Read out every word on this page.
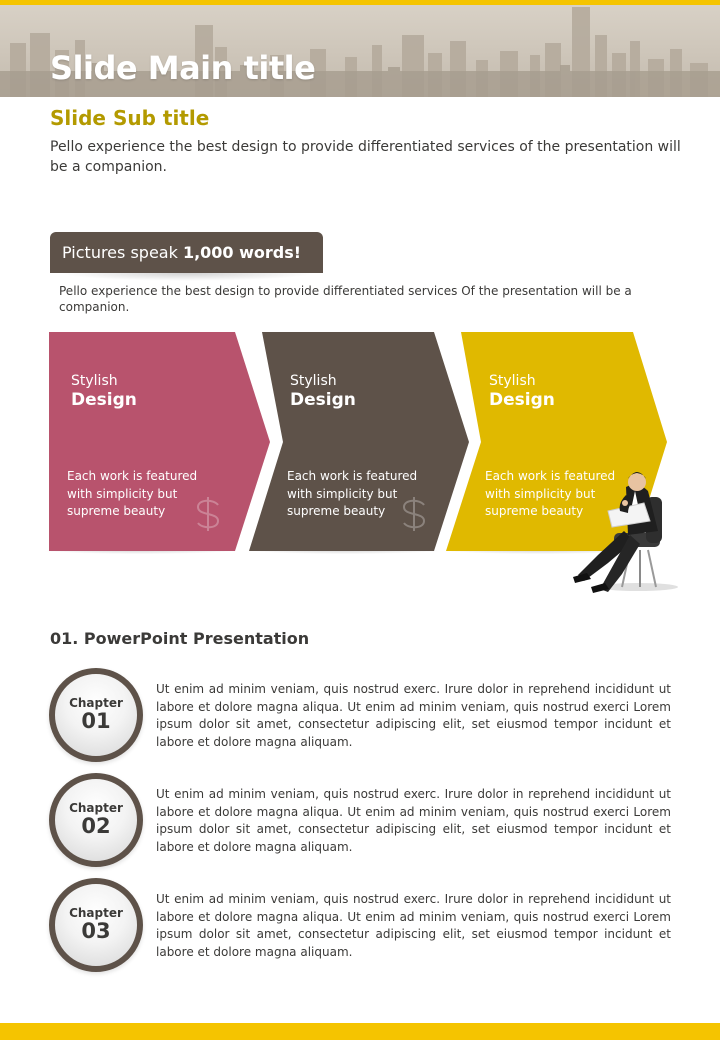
Slide Main title
Slide Sub title
Pello experience the best design to provide differentiated services of the presentation will be a companion.
Pictures speak 1,000 words!
Pello experience the best design to provide differentiated services Of the presentation will be a companion.
Stylish
Design
Each work is featured with simplicity but supreme beauty
Stylish
Design
Each work is featured with simplicity but supreme beauty
Stylish
Design
Each work is featured with simplicity but supreme beauty
01. PowerPoint Presentation
Chapter
01
Ut enim ad minim veniam, quis nostrud exerc. Irure dolor in reprehend incididunt ut labore et dolore magna aliqua. Ut enim ad minim veniam, quis nostrud exerci Lorem ipsum dolor sit amet, consectetur adipiscing elit, set eiusmod tempor incidunt et labore et dolore magna aliquam.
Chapter
02
Ut enim ad minim veniam, quis nostrud exerc. Irure dolor in reprehend incididunt ut labore et dolore magna aliqua. Ut enim ad minim veniam, quis nostrud exerci Lorem ipsum dolor sit amet, consectetur adipiscing elit, set eiusmod tempor incidunt et labore et dolore magna aliquam.
Chapter
03
Ut enim ad minim veniam, quis nostrud exerc. Irure dolor in reprehend incididunt ut labore et dolore magna aliqua. Ut enim ad minim veniam, quis nostrud exerci Lorem ipsum dolor sit amet, consectetur adipiscing elit, set eiusmod tempor incidunt et labore et dolore magna aliquam.
